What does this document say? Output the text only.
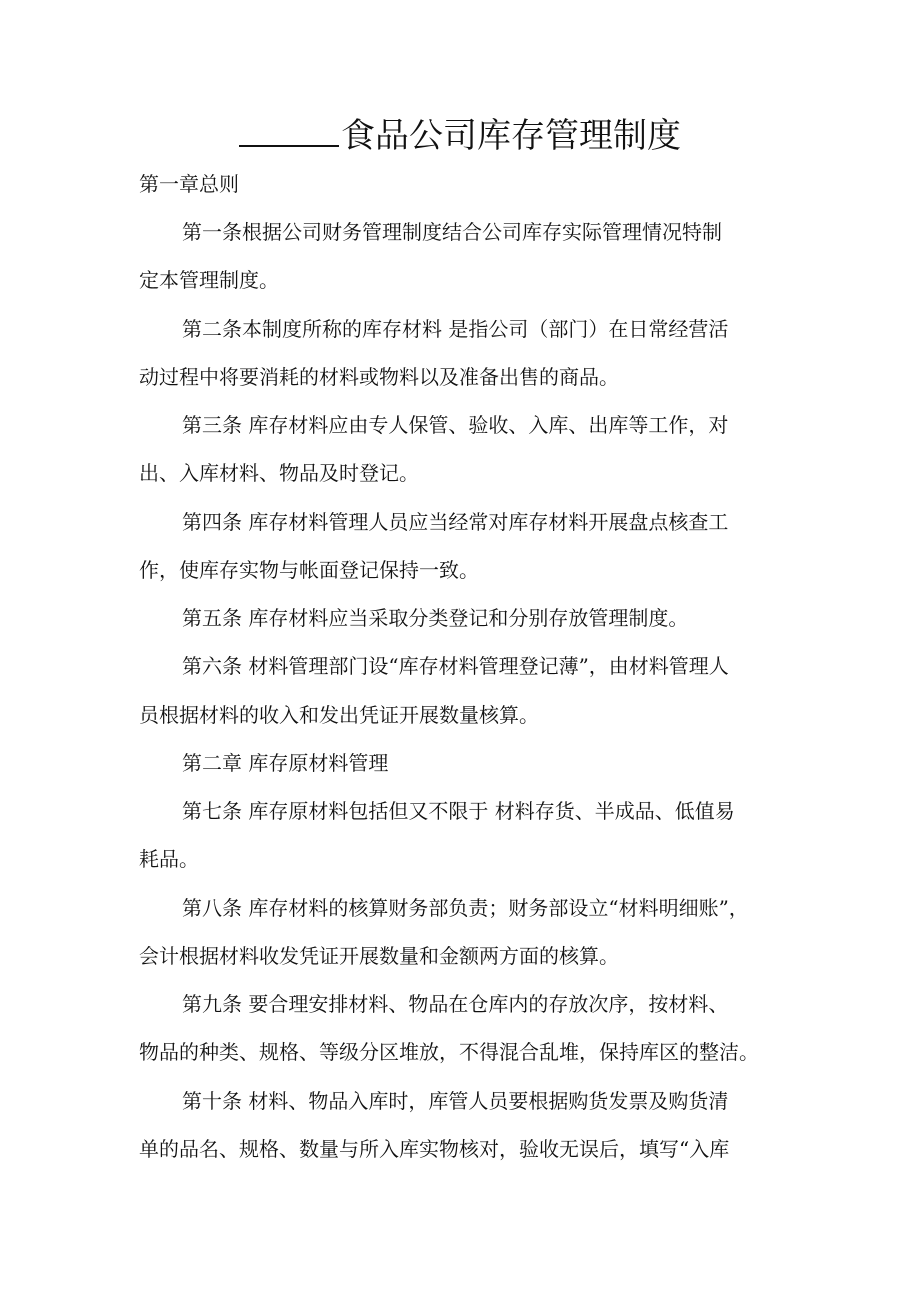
食品公司库存管理制度
第一章总则
第一条根据公司财务管理制度结合公司库存实际管理情况特制
定本管理制度。
第二条本制度所称的库存材料 是指公司（部门）在日常经营活
动过程中将要消耗的材料或物料以及准备出售的商品。
第三条 库存材料应由专人保管、验收、入库、出库等工作，对
出、入库材料、物品及时登记。
第四条 库存材料管理人员应当经常对库存材料开展盘点核查工
作，使库存实物与帐面登记保持一致。
第五条 库存材料应当采取分类登记和分别存放管理制度。
第六条 材料管理部门设“库存材料管理登记薄”，由材料管理人
员根据材料的收入和发出凭证开展数量核算。
第二章 库存原材料管理
第七条 库存原材料包括但又不限于 材料存货、半成品、低值易
耗品。
第八条 库存材料的核算财务部负责；财务部设立“材料明细账”，
会计根据材料收发凭证开展数量和金额两方面的核算。
第九条 要合理安排材料、物品在仓库内的存放次序，按材料、
物品的种类、规格、等级分区堆放，不得混合乱堆，保持库区的整洁。
第十条 材料、物品入库时，库管人员要根据购货发票及购货清
单的品名、规格、数量与所入库实物核对，验收无误后，填写“入库
